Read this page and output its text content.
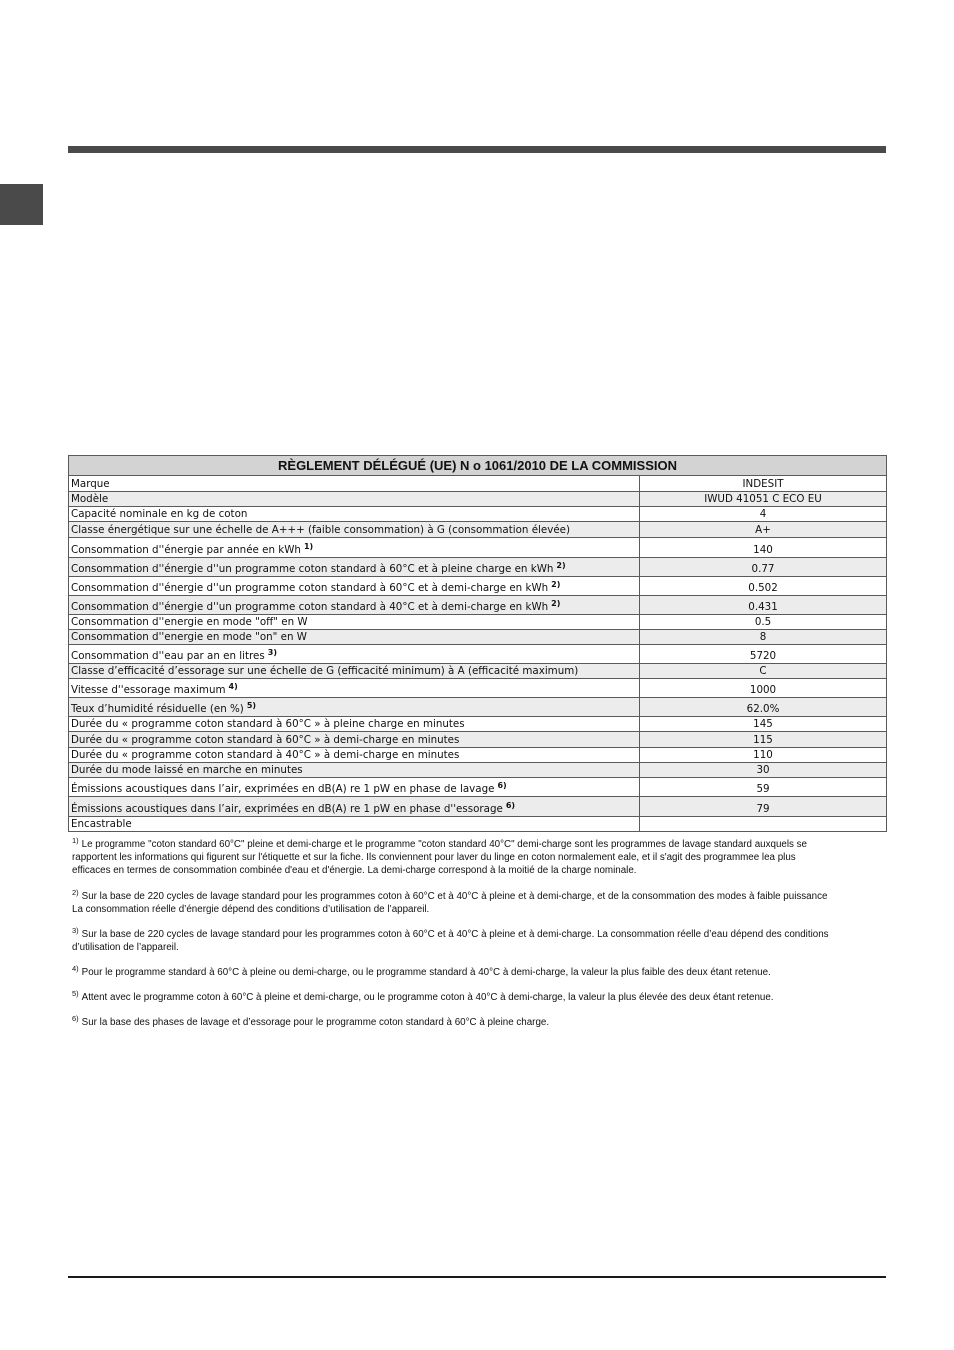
RÈGLEMENT DÉLÉGUÉ (UE) N o 1061/2010 DE LA COMMISSION	
Marque	INDESIT
Modèle	IWUD 41051 C ECO EU
Capacité nominale en kg de coton	4
Classe énergétique sur une échelle de A+++ (faible consommation) à G (consommation élevée)	A+
Consommation d''énergie par année en kWh $^{1)}$	140
Consommation d''énergie d''un programme coton standard à 60°C et à pleine charge en kWh $^{2)}$	0.77
Consommation d''énergie d''un programme coton standard à 60°C et à demi-charge en kWh $^{2)}$	0.502
Consommation d''énergie d''un programme coton standard à 40°C et à demi-charge en kWh $^{2)}$	0.431
Consommation d''energie en mode "off" en W	0.5
Consommation d''energie en mode "on" en W	8
Consommation d''eau par an en litres $^{3)}$	5720
Classe d’efficacité d’essorage sur une échelle de G (efficacité minimum) à A (efficacité maximum)	C
Vitesse d''essorage maximum $^{4)}$	1000
Teux d’humidité résiduelle (en %) $^{5)}$	62.0%
Durée du « programme coton standard à 60°C » à pleine charge en minutes	145
Durée du « programme coton standard à 60°C » à demi-charge en minutes	115
Durée du « programme coton standard à 40°C » à demi-charge en minutes	110
Durée du mode laissé en marche en minutes	30
Émissions acoustiques dans l’air, exprimées en dB(A) re 1 pW en phase de lavage $^{6)}$	59
Émissions acoustiques dans l’air, exprimées en dB(A) re 1 pW en phase d''essorage $^{6)}$	79
Encastrable	
$^{1)}$ Le programme "coton standard 60°C" pleine et demi-charge et le programme "coton standard 40°C" demi-charge sont les programmes de lavage standard auxquels se
rapportent les informations qui figurent sur l'étiquette et sur la fiche. Ils conviennent pour laver du linge en coton normalement eale, et il s'agit des programmee lea plus
efficaces en termes de consommation combinée d'eau et d'énergie. La demi-charge correspond à la moitié de la charge nominale.
$^{2)}$ Sur la base de 220 cycles de lavage standard pour les programmes coton à 60°C et à 40°C à pleine et à demi-charge, et de la consommation des modes à faible puissance
La consommation réelle d’énergie dépend des conditions d’utilisation de l’appareil.
$^{3)}$ Sur la base de 220 cycles de lavage standard pour les programmes coton à 60°C et à 40°C à pleine et à demi-charge. La consommation réelle d’eau dépend des conditions
d’utilisation de l’appareil.
$^{4)}$ Pour le programme standard à 60°C à pleine ou demi-charge, ou le programme standard à 40°C à demi-charge, la valeur la plus faible des deux étant retenue.
$^{5)}$ Attent avec le programme coton à 60°C à pleine et demi-charge, ou le programme coton à 40°C à demi-charge, la valeur la plus élevée des deux étant retenue.
$^{6)}$ Sur la base des phases de lavage et d’essorage pour le programme coton standard à 60°C à pleine charge.
